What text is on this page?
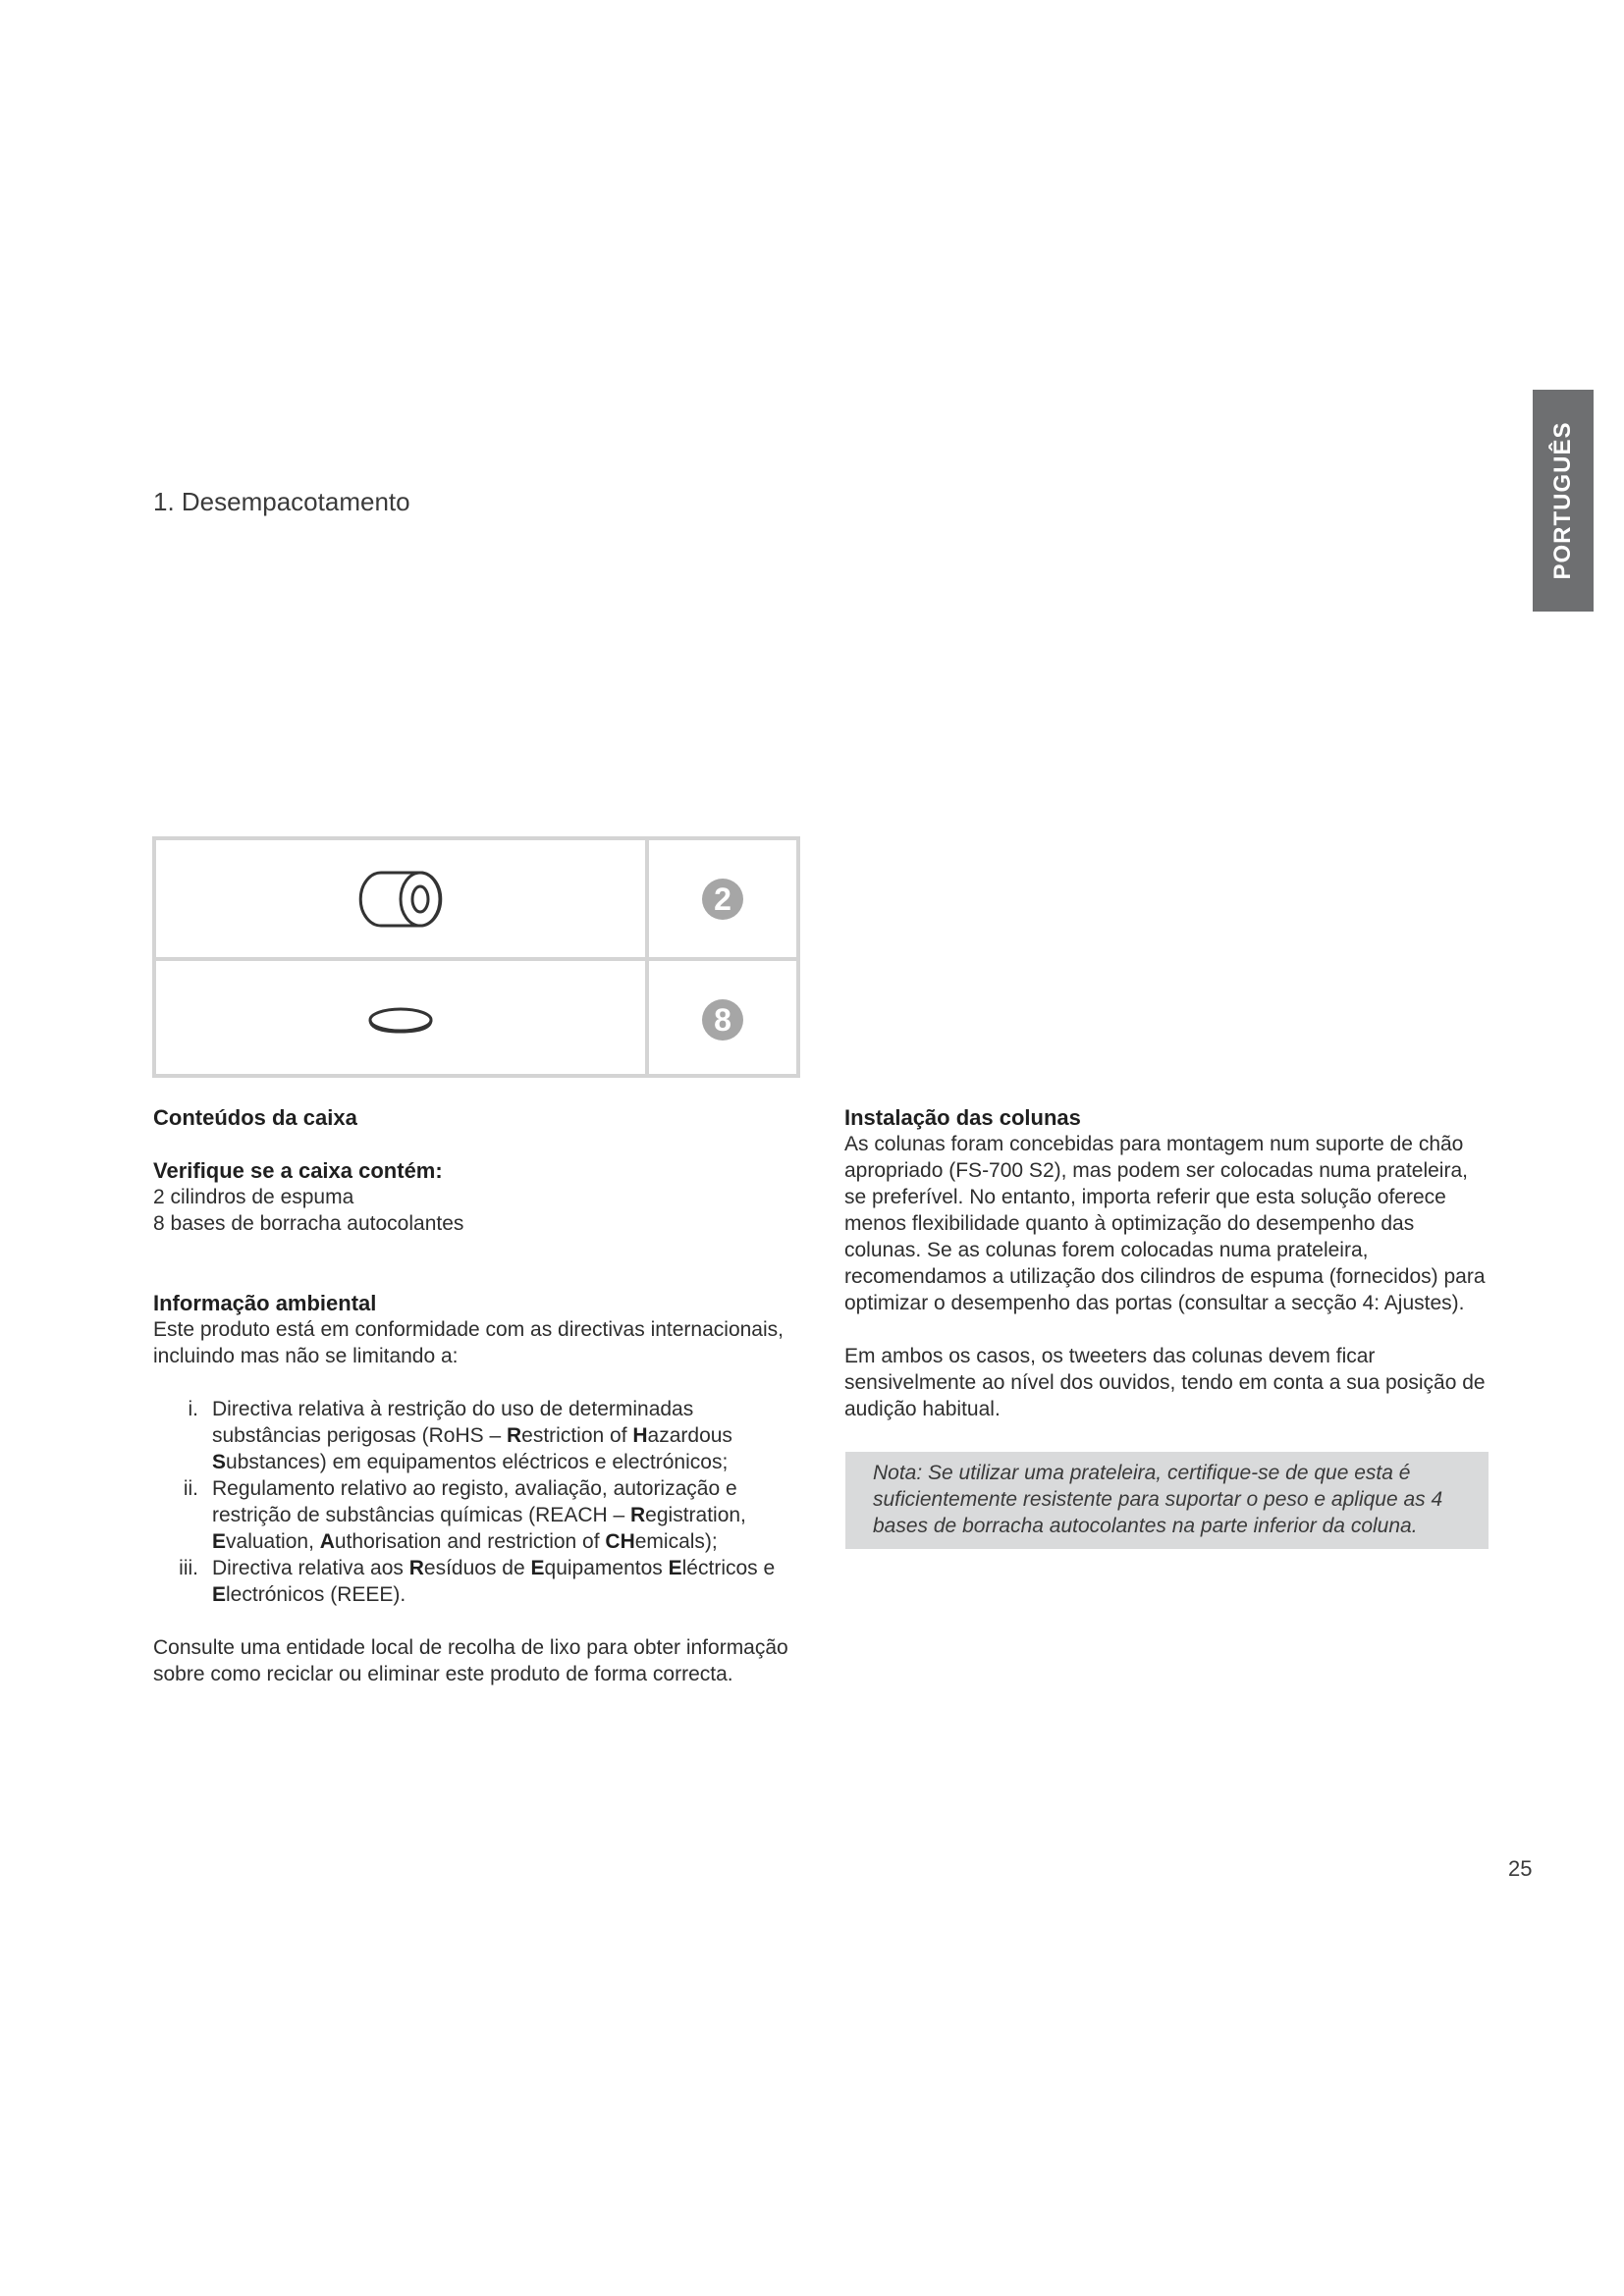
PORTUGUÊS
1. Desempacotamento
2
8
Conteúdos da caixa
Verifique se a caixa contém:
2 cilindros de espuma
8 bases de borracha autocolantes
Informação ambiental
Este produto está em conformidade com as directivas internacionais, incluindo mas não se limitando a:
i. Directiva relativa à restrição do uso de determinadas substâncias perigosas (RoHS – Restriction of Hazardous Substances) em equipamentos eléctricos e electrónicos;
ii. Regulamento relativo ao registo, avaliação, autorização e restrição de substâncias químicas (REACH – Registration, Evaluation, Authorisation and restriction of CHemicals);
iii. Directiva relativa aos Resíduos de Equipamentos Eléctricos e Electrónicos (REEE).
Consulte uma entidade local de recolha de lixo para obter informação sobre como reciclar ou eliminar este produto de forma correcta.
Instalação das colunas
As colunas foram concebidas para montagem num suporte de chão apropriado (FS-700 S2), mas podem ser colocadas numa prateleira, se preferível. No entanto, importa referir que esta solução oferece menos flexibilidade quanto à optimização do desempenho das colunas. Se as colunas forem colocadas numa prateleira, recomendamos a utilização dos cilindros de espuma (fornecidos) para optimizar o desempenho das portas (consultar a secção 4: Ajustes).
Em ambos os casos, os tweeters das colunas devem ficar sensivelmente ao nível dos ouvidos, tendo em conta a sua posição de audição habitual.
Nota: Se utilizar uma prateleira, certifique-se de que esta é suficientemente resistente para suportar o peso e aplique as 4 bases de borracha autocolantes na parte inferior da coluna.
25
